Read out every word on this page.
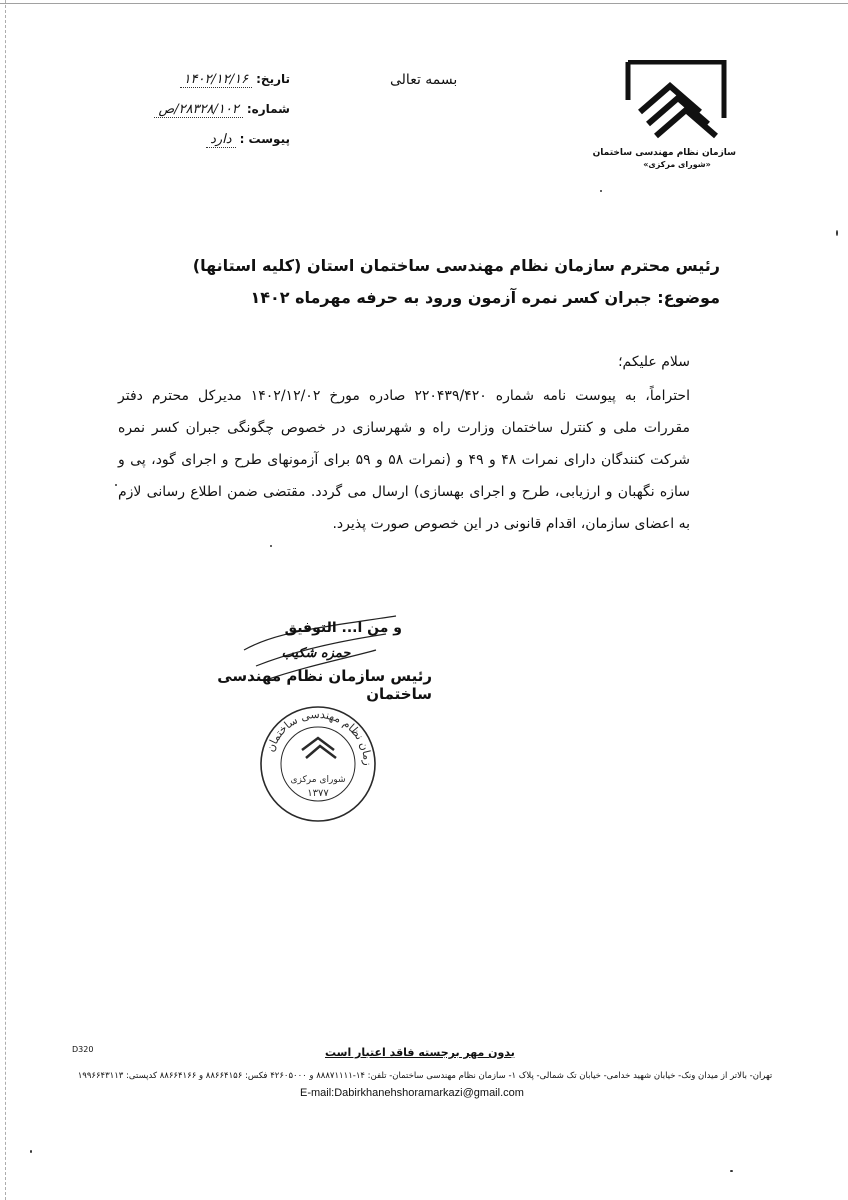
سازمان نظام مهندسی ساختمان
«شورای مرکزی»
بسمه تعالی
تاریخ:
۱۴۰۲/۱۲/۱۶
شماره:
۲۸۳۲۸/۱۰۲/ص
پیوست :
دارد
رئیس محترم سازمان نظام مهندسی ساختمان استان (کلیه استانها)
موضوع: جبران کسر نمره آزمون ورود به حرفه مهرماه ۱۴۰۲
سلام علیکم؛
احتراماً، به پیوست نامه شماره ۲۲۰۴۳۹/۴۲۰ صادره مورخ ۱۴۰۲/۱۲/۰۲ مدیرکل محترم دفتر مقررات ملی و کنترل ساختمان وزارت راه و شهرسازی در خصوص چگونگی جبران کسر نمره شرکت کنندگان دارای نمرات ۴۸ و ۴۹ و (نمرات ۵۸ و ۵۹ برای آزمونهای طرح و اجرای گود، پی و سازه نگهبان و ارزیابی، طرح و اجرای بهسازی) ارسال می گردد. مقتضی ضمن اطلاع رسانی لازم به اعضای سازمان، اقدام قانونی در این خصوص صورت پذیرد.
و من ا... التوفیق
حمزه شکیب
رئیس سازمان نظام مهندسی ساختمان
زمان نظام مهندسی ساختمان
شورای مرکزی
۱۳۷۷
D320	بدون مهر برجسته فاقد اعتبار است
تهران- بالاتر از میدان ونک- خیابان شهید خدامی- خیابان تک شمالی- پلاک ۱- سازمان نظام مهندسی ساختمان- تلفن: ۱۴-۸۸۸۷۱۱۱۱ و ۴۲۶۰۵۰۰۰ فکس: ۸۸۶۶۴۱۵۶ و ۸۸۶۶۴۱۶۶ کدپستی: ۱۹۹۶۶۴۳۱۱۳
E-mail:Dabirkhanehshoramarkazi@gmail.com
